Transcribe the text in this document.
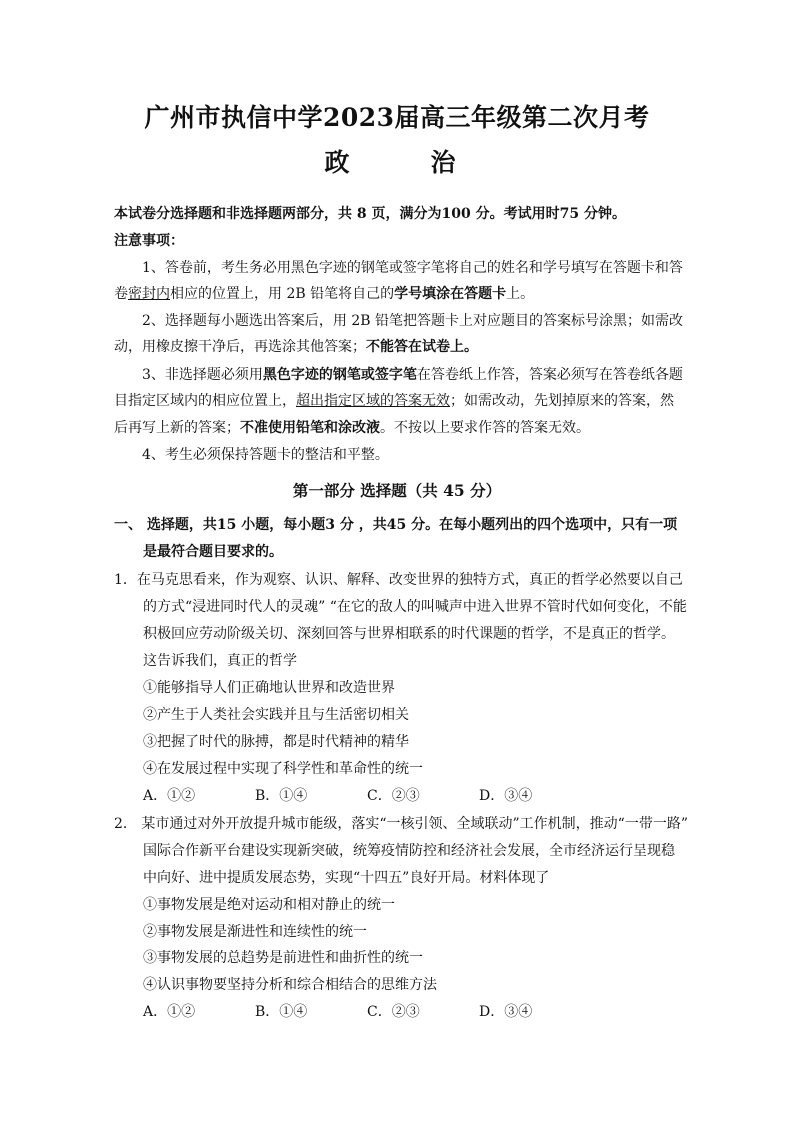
广州市执信中学2023届高三年级第二次月考
政　治
本试卷分选择题和非选择题两部分，共 8 页，满分为100 分。考试用时75 分钟。
注意事项：
1、答卷前，考生务必用黑色字迹的钢笔或签字笔将自己的姓名和学号填写在答题卡和答
卷密封内相应的位置上，用 2B 铅笔将自己的学号填涂在答题卡上。
2、选择题每小题选出答案后，用 2B 铅笔把答题卡上对应题目的答案标号涂黑；如需改
动，用橡皮擦干净后，再选涂其他答案；不能答在试卷上。
3、非选择题必须用黑色字迹的钢笔或签字笔在答卷纸上作答，答案必须写在答卷纸各题
目指定区域内的相应位置上，超出指定区域的答案无效；如需改动，先划掉原来的答案，然
后再写上新的答案；不准使用铅笔和涂改液。不按以上要求作答的答案无效。
4、考生必须保持答题卡的整洁和平整。
第一部分 选择题（共 45 分）
一、 选择题，共15 小题，每小题3 分 ，共45 分。在每小题列出的四个选项中，只有一项
是最符合题目要求的。
1．在马克思看来，作为观察、认识、解释、改变世界的独特方式，真正的哲学必然要以自己
的方式“浸进同时代人的灵魂” “在它的敌人的叫喊声中进入世界不管时代如何变化，不能
积极回应劳动阶级关切、深刻回答与世界相联系的时代课题的哲学，不是真正的哲学。
这告诉我们，真正的哲学
①能够指导人们正确地认世界和改造世界
②产生于人类社会实践并且与生活密切相关
③把握了时代的脉搏，都是时代精神的精华
④在发展过程中实现了科学性和革命性的统一
A．①②	B．①④	C．②③	D．③④
2． 某市通过对外开放提升城市能级，落实“一核引领、全域联动”工作机制，推动“一带一路”
国际合作新平台建设实现新突破，统筹疫情防控和经济社会发展，全市经济运行呈现稳
中向好、进中提质发展态势，实现“十四五”良好开局。材料体现了
①事物发展是绝对运动和相对静止的统一
②事物发展是渐进性和连续性的统一
③事物发展的总趋势是前进性和曲折性的统一
④认识事物要坚持分析和综合相结合的思维方法
A．①②	B．①④	C．②③	D．③④
